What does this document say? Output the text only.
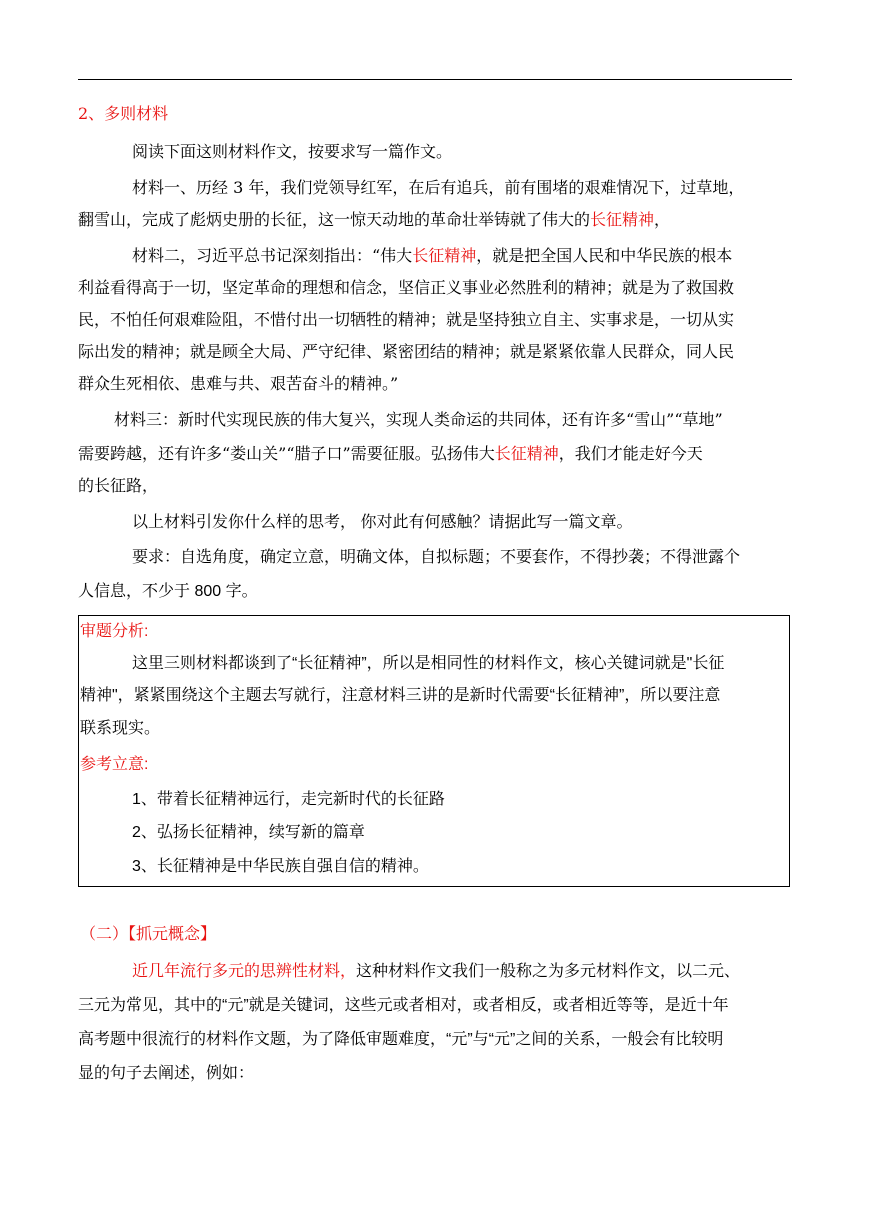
2、多则材料
阅读下面这则材料作文，按要求写一篇作文。
材料一、历经 3 年，我们党领导红军，在后有追兵，前有围堵的艰难情况下，过草地，
翻雪山，完成了彪炳史册的长征，这一惊天动地的革命壮举铸就了伟大的长征精神，
材料二，习近平总书记深刻指出：“伟大长征精神，就是把全国人民和中华民族的根本
利益看得高于一切，坚定革命的理想和信念，坚信正义事业必然胜利的精神；就是为了救国救
民，不怕任何艰难险阻，不惜付出一切牺牲的精神；就是坚持独立自主、实事求是，一切从实
际出发的精神；就是顾全大局、严守纪律、紧密团结的精神；就是紧紧依靠人民群众，同人民
群众生死相依、患难与共、艰苦奋斗的精神。”
材料三：新时代实现民族的伟大复兴，实现人类命运的共同体，还有许多“雪山”“草地”
需要跨越，还有许多“娄山关”“腊子口”需要征服。弘扬伟大长征精神，我们才能走好今天
的长征路，
以上材料引发你什么样的思考， 你对此有何感触？请据此写一篇文章。
要求：自选角度，确定立意，明确文体，自拟标题；不要套作，不得抄袭；不得泄露个
人信息，不少于 800 字。
审题分析:
这里三则材料都谈到了“长征精神”，所以是相同性的材料作文，核心关键词就是"长征
精神"，紧紧围绕这个主题去写就行，注意材料三讲的是新时代需要“长征精神”，所以要注意
联系现实。
参考立意:
1、带着长征精神远行，走完新时代的长征路
2、弘扬长征精神，续写新的篇章
3、长征精神是中华民族自强自信的精神。
（二）【抓元概念】
近几年流行多元的思辨性材料，这种材料作文我们一般称之为多元材料作文，以二元、
三元为常见，其中的“元”就是关键词，这些元或者相对，或者相反，或者相近等等，是近十年
高考题中很流行的材料作文题，为了降低审题难度，“元”与“元”之间的关系，一般会有比较明
显的句子去阐述，例如：
